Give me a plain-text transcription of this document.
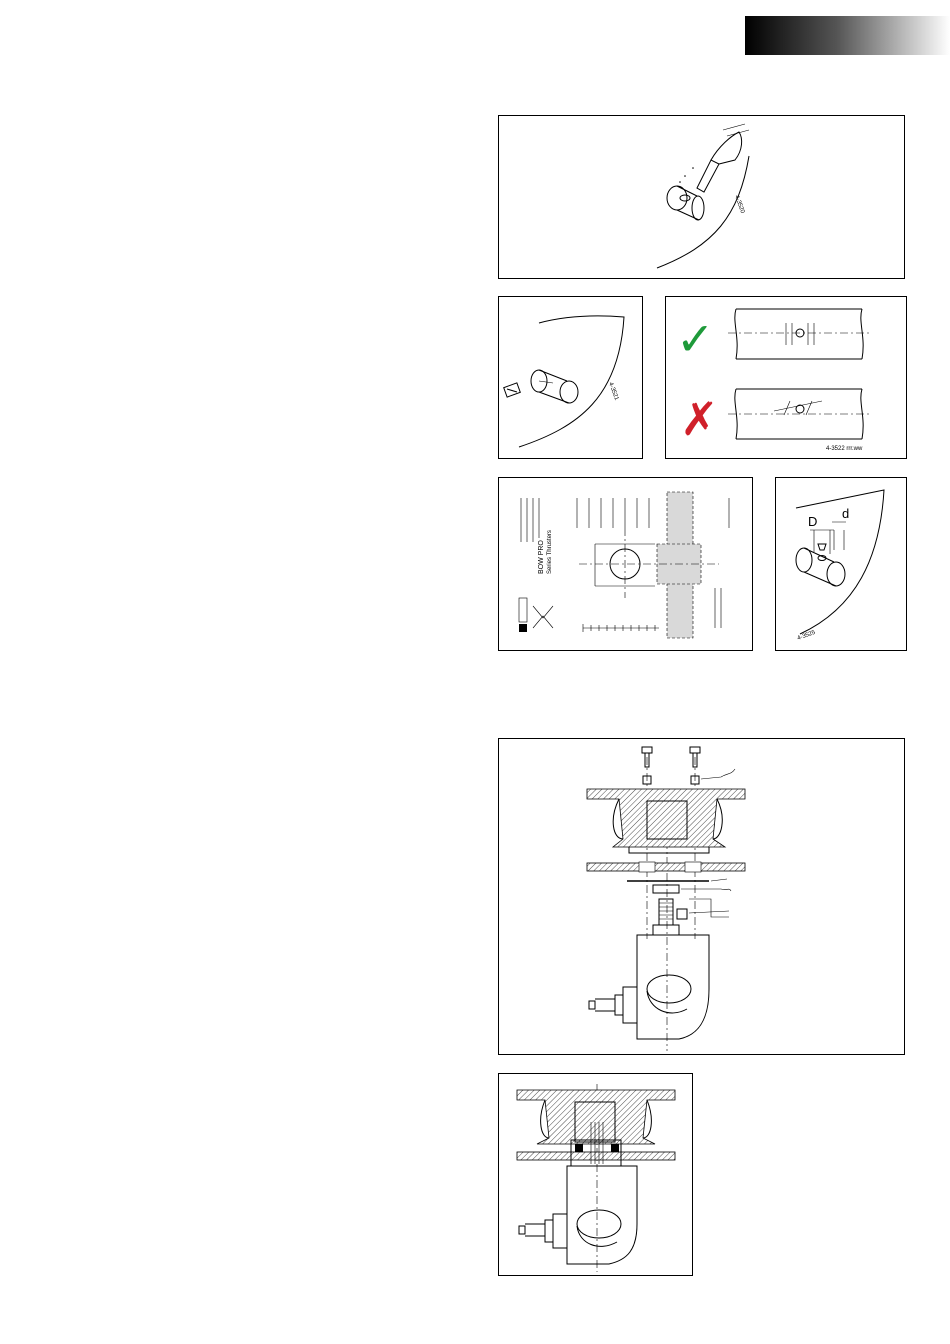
4-3520
4-3521
✓
✗
4-3522 rrr.ww
BOW PRO Series Thrusters
D
d
4-3525
